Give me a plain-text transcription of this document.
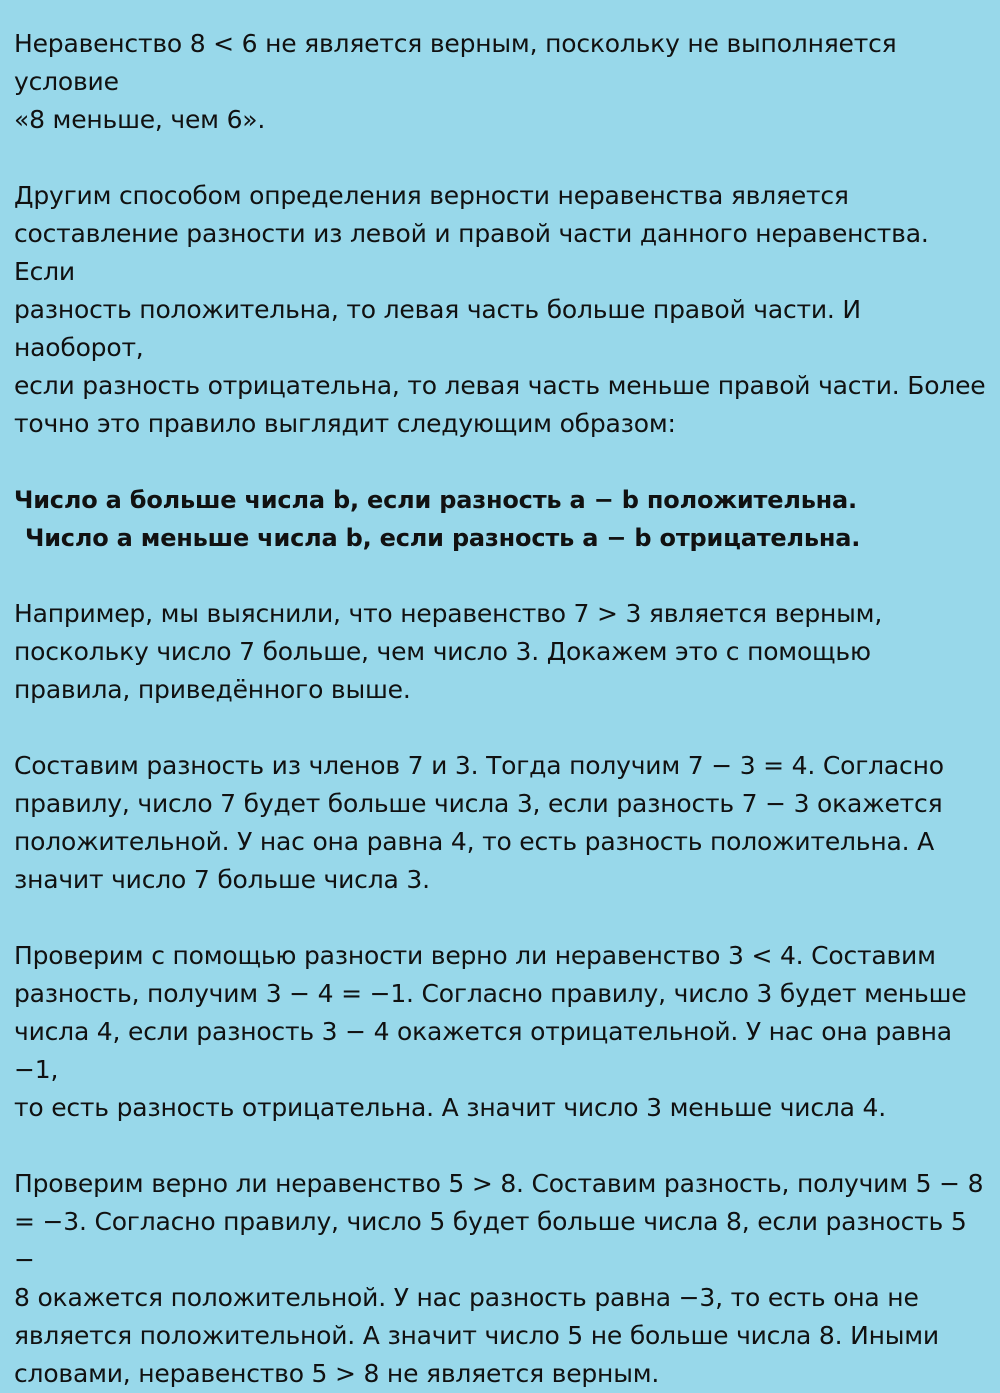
Неравенство 8 < 6 не является верным, поскольку не выполняется условие
«8 меньше, чем 6».

Другим способом определения верности неравенства является
составление разности из левой и правой части данного неравенства. Если
разность положительна, то левая часть больше правой части. И наоборот,
если разность отрицательна, то левая часть меньше правой части. Более
точно это правило выглядит следующим образом:

Число a больше числа b, если разность a − b положительна.

Число a меньше числа b, если разность a − b отрицательна.

Например, мы выяснили, что неравенство 7 > 3 является верным,
поскольку число 7 больше, чем число 3. Докажем это с помощью
правила, приведённого выше.

Составим разность из членов 7 и 3. Тогда получим 7 − 3 = 4. Согласно
правилу, число 7 будет больше числа 3, если разность 7 − 3 окажется
положительной. У нас она равна 4, то есть разность положительна. А
значит число 7 больше числа 3.

Проверим с помощью разности верно ли неравенство 3 < 4. Составим
разность, получим 3 − 4 = −1. Согласно правилу, число 3 будет меньше
числа 4, если разность 3 − 4 окажется отрицательной. У нас она равна −1,
то есть разность отрицательна. А значит число 3 меньше числа 4.

Проверим верно ли неравенство 5 > 8. Составим разность, получим 5 − 8
= −3. Согласно правилу, число 5 будет больше числа 8, если разность 5 −
8 окажется положительной. У нас разность равна −3, то есть она не
является положительной. А значит число 5 не больше числа 8. Иными
словами, неравенство 5 > 8 не является верным.
